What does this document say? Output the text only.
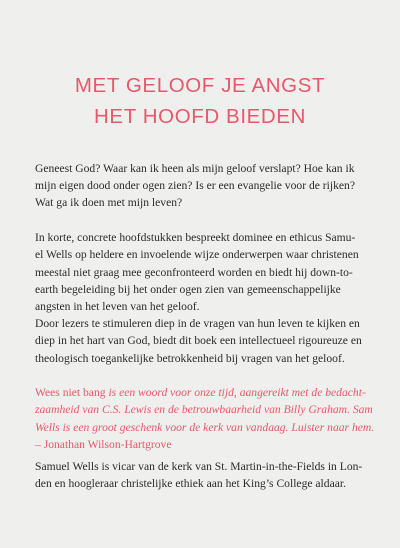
MET GELOOF JE ANGST
HET HOOFD BIEDEN

Geneest God? Waar kan ik heen als mijn geloof verslapt? Hoe kan ik
mijn eigen dood onder ogen zien? Is er een evangelie voor de rijken?
Wat ga ik doen met mijn leven?

In korte, concrete hoofdstukken bespreekt dominee en ethicus Samu-
el Wells op heldere en invoelende wijze onderwerpen waar christenen
meestal niet graag mee geconfronteerd worden en biedt hij down-to-
earth begeleiding bij het onder ogen zien van gemeenschappelijke
angsten in het leven van het geloof.
Door lezers te stimuleren diep in de vragen van hun leven te kijken en
diep in het hart van God, biedt dit boek een intellectueel rigoureuze en
theologisch toegankelijke betrokkenheid bij vragen van het geloof.

Wees niet bang is een woord voor onze tijd, aangereikt met de bedacht-
zaamheid van C.S. Lewis en de betrouwbaarheid van Billy Graham. Sam
Wells is een groot geschenk voor de kerk van vandaag. Luister naar hem.
– Jonathan Wilson-Hartgrove

Samuel Wells is vicar van de kerk van St. Martin-in-the-Fields in Lon-
den en hoogleraar christelijke ethiek aan het King’s College aldaar.
